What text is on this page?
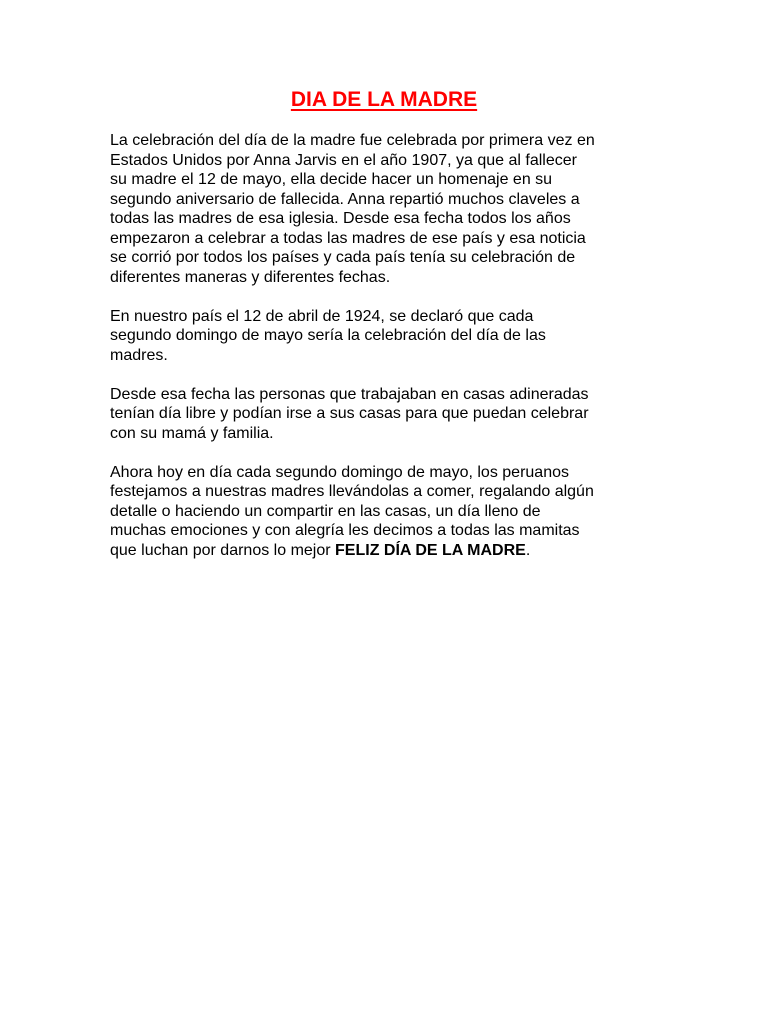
DIA DE LA MADRE

La celebración del día de la madre fue celebrada por primera vez en
Estados Unidos por Anna Jarvis en el año 1907, ya que al fallecer
su madre el 12 de mayo, ella decide hacer un homenaje en su
segundo aniversario de fallecida. Anna repartió muchos claveles a
todas las madres de esa iglesia. Desde esa fecha todos los años
empezaron a celebrar a todas las madres de ese país y esa noticia
se corrió por todos los países y cada país tenía su celebración de
diferentes maneras y diferentes fechas.

En nuestro país el 12 de abril de 1924, se declaró que cada
segundo domingo de mayo sería la celebración del día de las
madres.

Desde esa fecha las personas que trabajaban en casas adineradas
tenían día libre y podían irse a sus casas para que puedan celebrar
con su mamá y familia.

Ahora hoy en día cada segundo domingo de mayo, los peruanos
festejamos a nuestras madres llevándolas a comer, regalando algún
detalle o haciendo un compartir en las casas, un día lleno de
muchas emociones y con alegría les decimos a todas las mamitas
que luchan por darnos lo mejor FELIZ DÍA DE LA MADRE.
